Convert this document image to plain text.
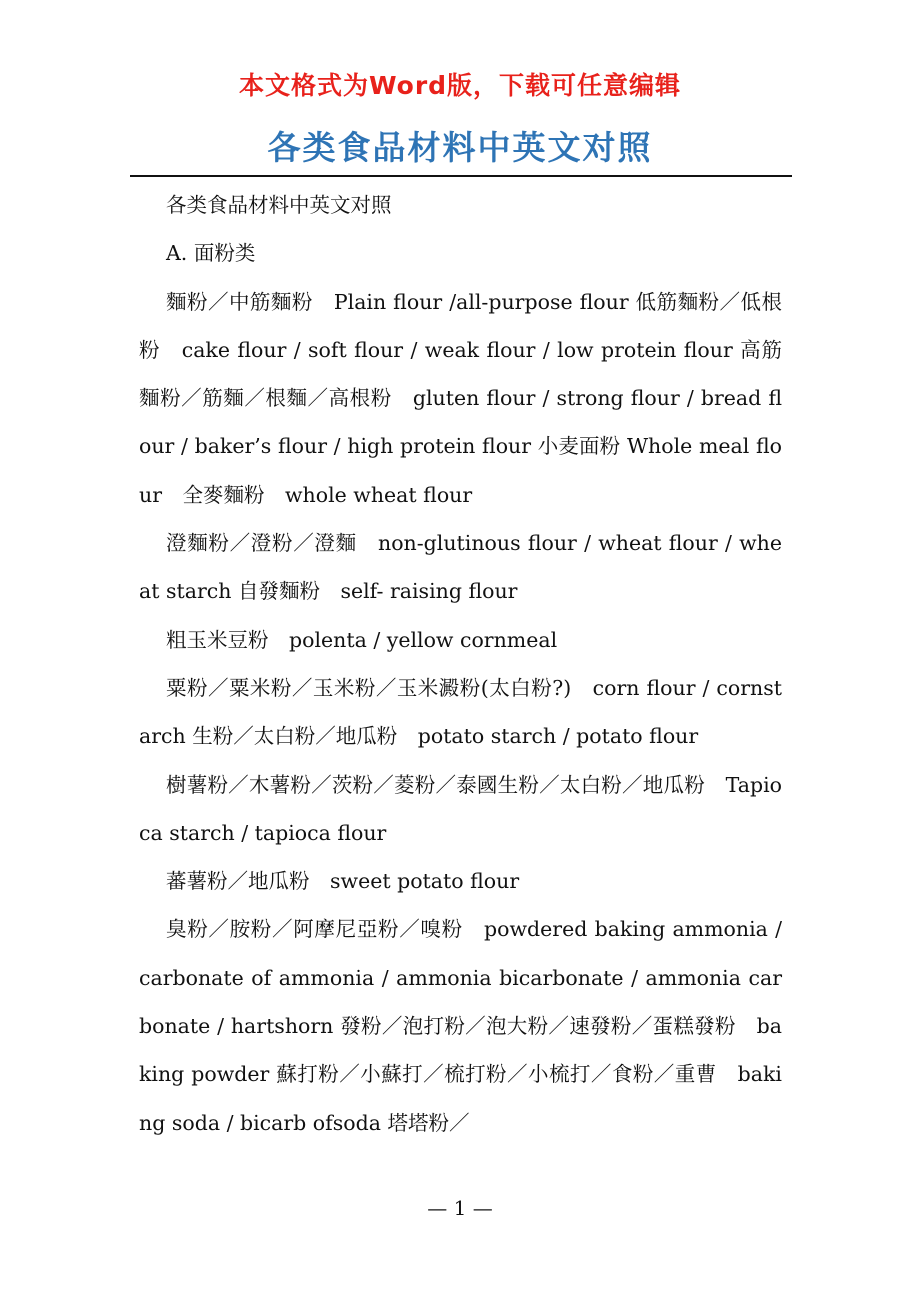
本文格式为Word版，下载可任意编辑
各类食品材料中英文对照

各类食品材料中英文对照

A. 面粉类

麵粉／中筋麵粉　Plain flour /all-purpose flour 低筋麵粉／低根粉　cake flour / soft flour / weak flour / low protein flour 高筋麵粉／筋麵／根麵／高根粉　gluten flour / strong flour / bread flour / baker’s flour / high protein flour 小麦面粉 Whole meal flour　全麥麵粉　whole wheat flour

澄麵粉／澄粉／澄麵　non-glutinous flour / wheat flour / wheat starch 自發麵粉　self- raising flour

粗玉米豆粉　polenta / yellow cornmeal

粟粉／粟米粉／玉米粉／玉米澱粉(太白粉?)　corn flour / cornstarch 生粉／太白粉／地瓜粉　potato starch / potato flour

樹薯粉／木薯粉／茨粉／菱粉／泰國生粉／太白粉／地瓜粉　Tapioca starch / tapioca flour

蕃薯粉／地瓜粉　sweet potato flour

臭粉／胺粉／阿摩尼亞粉／嗅粉　powdered baking ammonia / carbonate of ammonia / ammonia bicarbonate / ammonia carbonate / hartshorn 發粉／泡打粉／泡大粉／速發粉／蛋糕發粉　baking powder 蘇打粉／小蘇打／梳打粉／小梳打／食粉／重曹　baking soda / bicarb ofsoda 塔塔粉／

— 1 —
